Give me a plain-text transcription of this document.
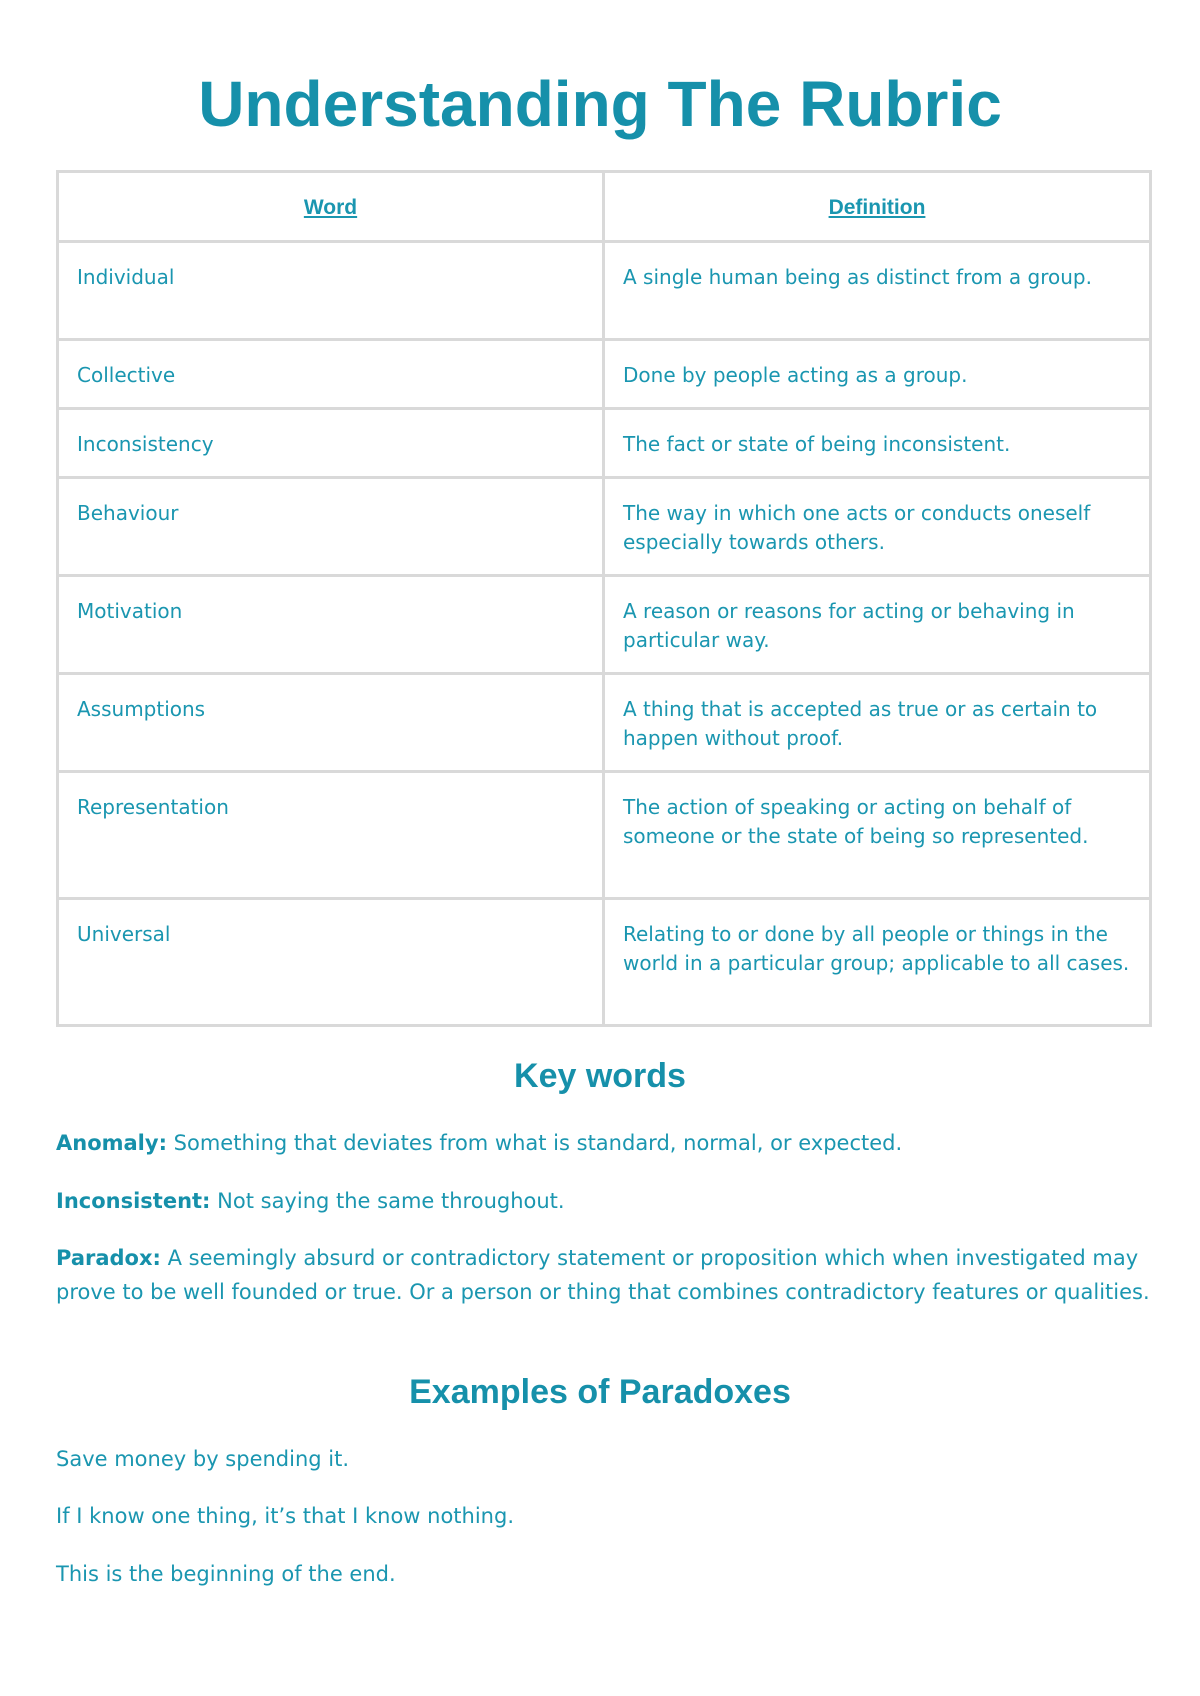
Understanding The Rubric
Word	Definition
Individual	A single human being as distinct from a group.
Collective	Done by people acting as a group.
Inconsistency	The fact or state of being inconsistent.
Behaviour	The way in which one acts or conducts oneself especially towards others.
Motivation	A reason or reasons for acting or behaving in particular way.
Assumptions	A thing that is accepted as true or as certain to happen without proof.
Representation	The action of speaking or acting on behalf of someone or the state of being so represented.
Universal	Relating to or done by all people or things in the world in a particular group; applicable to all cases.
Key words

Anomaly: Something that deviates from what is standard, normal, or expected.

Inconsistent: Not saying the same throughout.

Paradox: A seemingly absurd or contradictory statement or proposition which when investigated may prove to be well founded or true. Or a person or thing that combines contradictory features or qualities.

Examples of Paradoxes

Save money by spending it.

If I know one thing, it’s that I know nothing.

This is the beginning of the end.
